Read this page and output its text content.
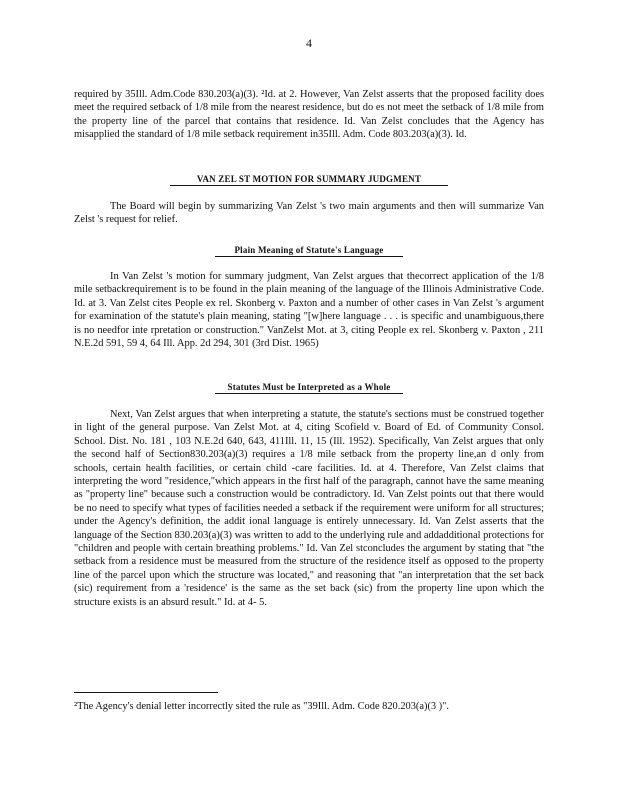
4
required by 35Ill. Adm.Code 830.203(a)(3). ²Id. at 2. However, Van Zelst asserts that the proposed facility does meet the required setback of 1/8 mile from the nearest residence, but do es not meet the setback of 1/8 mile from the property line of the parcel that contains that residence. Id. Van Zelst concludes that the Agency has misapplied the standard of 1/8 mile setback requirement in35Ill. Adm. Code 803.203(a)(3). Id.
VAN ZEL ST MOTION FOR SUMMARY JUDGMENT
The Board will begin by summarizing Van Zelst 's two main arguments and then will summarize Van Zelst 's request for relief.
Plain Meaning of Statute's Language
In Van Zelst 's motion for summary judgment, Van Zelst argues that thecorrect application of the 1/8 mile setbackrequirement is to be found in the plain meaning of the language of the Illinois Administrative Code. Id. at 3. Van Zelst cites People ex rel. Skonberg v. Paxton and a number of other cases in Van Zelst 's argument for examination of the statute's plain meaning, stating "[w]here language . . . is specific and unambiguous,there is no needfor inte rpretation or construction." VanZelst Mot. at 3, citing People ex rel. Skonberg v. Paxton , 211 N.E.2d 591, 59 4, 64 Ill. App. 2d 294, 301 (3rd Dist. 1965)
Statutes Must be Interpreted as a Whole
Next, Van Zelst argues that when interpreting a statute, the statute's sections must be construed together in light of the general purpose. Van Zelst Mot. at 4, citing Scofield v. Board of Ed. of Community Consol. School. Dist. No. 181 , 103 N.E.2d 640, 643, 411Ill. 11, 15 (Ill. 1952). Specifically, Van Zelst argues that only the second half of Section830.203(a)(3) requires a 1/8 mile setback from the property line,an d only from schools, certain health facilities, or certain child -care facilities. Id. at 4. Therefore, Van Zelst claims that interpreting the word "residence,"which appears in the first half of the paragraph, cannot have the same meaning as "property line" because such a construction would be contradictory. Id. Van Zelst points out that there would be no need to specify what types of facilities needed a setback if the requirement were uniform for all structures; under the Agency's definition, the addit ional language is entirely unnecessary. Id. Van Zelst asserts that the language of the Section 830.203(a)(3) was written to add to the underlying rule and addadditional protections for "children and people with certain breathing problems." Id. Van Zel stconcludes the argument by stating that "the setback from a residence must be measured from the structure of the residence itself as opposed to the property line of the parcel upon which the structure was located," and reasoning that "an interpretation that the set back (sic) requirement from a 'residence' is the same as the set back (sic) from the property line upon which the structure exists is an absurd result." Id. at 4- 5.
²The Agency's denial letter incorrectly sited the rule as "39Ill. Adm. Code 820.203(a)(3 )".
